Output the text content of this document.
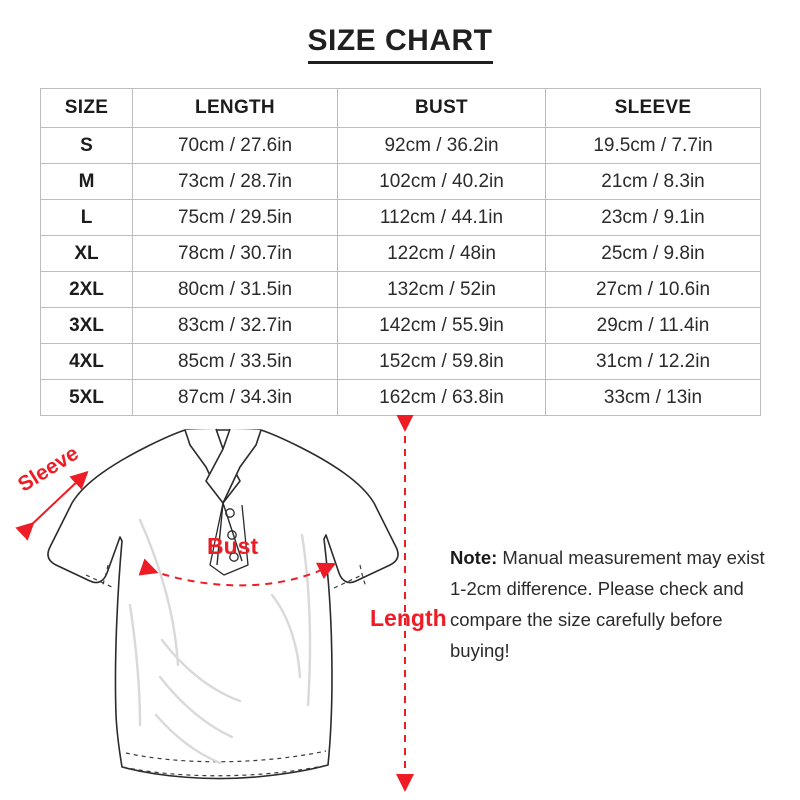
SIZE CHART
SIZE	LENGTH	BUST	SLEEVE
S	70cm / 27.6in	92cm / 36.2in	19.5cm / 7.7in
M	73cm / 28.7in	102cm / 40.2in	21cm / 8.3in
L	75cm / 29.5in	112cm / 44.1in	23cm / 9.1in
XL	78cm / 30.7in	122cm / 48in	25cm / 9.8in
2XL	80cm / 31.5in	132cm / 52in	27cm / 10.6in
3XL	83cm / 32.7in	142cm / 55.9in	29cm / 11.4in
4XL	85cm / 33.5in	152cm / 59.8in	31cm / 12.2in
5XL	87cm / 34.3in	162cm / 63.8in	33cm / 13in
Sleeve
Bust
Length
Note: Manual measurement may exist 1-2cm difference. Please check and compare the size carefully before buying!
